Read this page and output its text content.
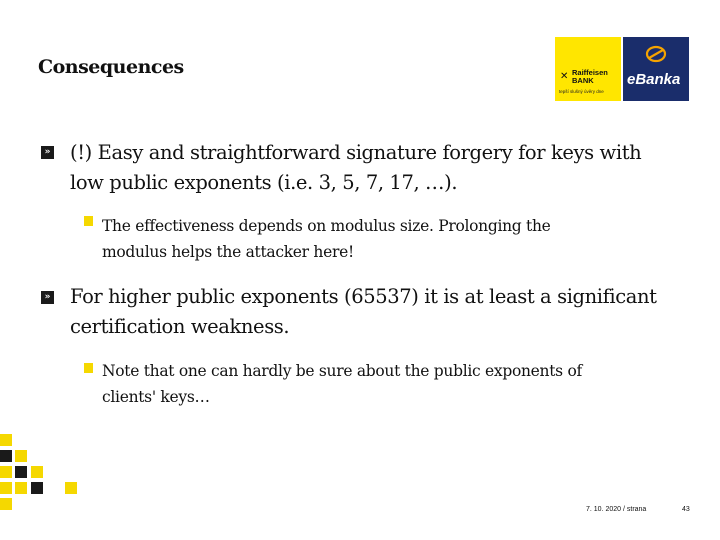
Consequences	✕ Raiffeisen
BANK
tepší slušný úvěry dne
eBanka
» (!) Easy and straightforward signature forgery for keys with
low public exponents (i.e. 3, 5, 7, 17, …).
The effectiveness depends on modulus size. Prolonging the
modulus helps the attacker here!
» For higher public exponents (65537) it is at least a significant
certification weakness.
Note that one can hardly be sure about the public exponents of
clients' keys…
7. 10. 2020 / strana	43
